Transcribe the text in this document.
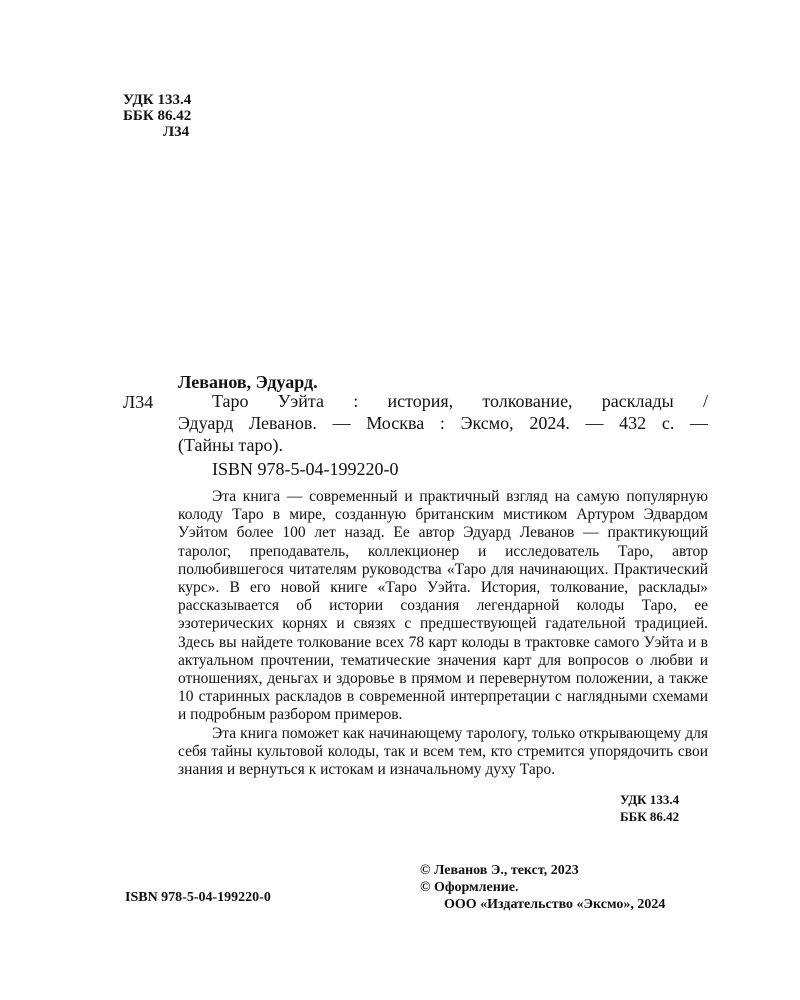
УДК 133.4
ББК 86.42
Л34
Леванов, Эдуард.
Л34	Таро Уэйта : история, толкование, расклады /
Эдуард Леванов. — Москва : Эксмо, 2024. — 432 с. —
(Тайны таро).
ISBN 978-5-04-199220-0

Эта книга — современный и практичный взгляд на самую популярную колоду Таро в мире, созданную британским мистиком Артуром Эдвардом Уэйтом более 100 лет назад. Ее автор Эдуард Леванов — практикующий таролог, преподаватель, коллекционер и исследователь Таро, автор полюбившегося читателям руководства «Таро для начинающих. Практический курс». В его новой книге «Таро Уэйта. История, толкование, расклады» рассказывается об истории создания легендарной колоды Таро, ее эзотерических корнях и связях с предшествующей гадательной традицией. Здесь вы найдете толкование всех 78 карт колоды в трактовке самого Уэйта и в актуальном прочтении, тематические значения карт для вопросов о любви и отношениях, деньгах и здоровье в прямом и перевернутом положении, а также 10 старинных раскладов в современной интерпретации с наглядными схемами и подробным разбором примеров.

Эта книга поможет как начинающему тарологу, только открывающему для себя тайны культовой колоды, так и всем тем, кто стремится упорядочить свои знания и вернуться к истокам и изначальному духу Таро.

УДК 133.4
ББК 86.42
ISBN 978-5-04-199220-0
© Леванов Э., текст, 2023
© Оформление.
ООО «Издательство «Эксмо», 2024
